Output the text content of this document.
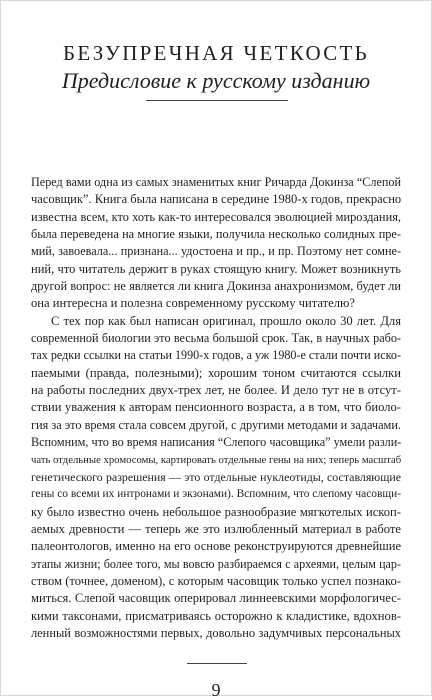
БЕЗУПРЕЧНАЯ ЧЕТКОСТЬ
Предисловие к русскому изданию
Перед вами одна из самых знаменитых книг Ричарда Докинза “Слепой
часовщик”. Книга была написана в середине 1980-х годов, прекрасно
известна всем, кто хоть как-то интересовался эволюцией мироздания,
была переведена на многие языки, получила несколько солидных пре-
мий, завоевала... признана... удостоена и пр., и пр. Поэтому нет сомне-
ний, что читатель держит в руках стоящую книгу. Может возникнуть
другой вопрос: не является ли книга Докинза анахронизмом, будет ли
она интересна и полезна современному русскому читателю?
С тех пор как был написан оригинал, прошло около 30 лет. Для
современной биологии это весьма большой срок. Так, в научных рабо-
тах редки ссылки на статьи 1990-х годов, а уж 1980-е стали почти иско-
паемыми (правда, полезными); хорошим тоном считаются ссылки
на работы последних двух-трех лет, не более. И дело тут не в отсут-
ствии уважения к авторам пенсионного возраста, а в том, что биоло-
гия за это время стала совсем другой, с другими методами и задачами.
Вспомним, что во время написания “Слепого часовщика” умели разли-
чать отдельные хромосомы, картировать отдельные гены на них; теперь масштаб
генетического разрешения — это отдельные нуклеотиды, составляющие
гены со всеми их интронами и экзонами). Вспомним, что слепому часовщи-
ку было известно очень небольшое разнообразие мягкотелых ископ-
аемых древности — теперь же это излюбленный материал в работе
палеонтологов, именно на его основе реконструируются древнейшие
этапы жизни; более того, мы вовсю разбираемся с археями, целым цар-
ством (точнее, доменом), с которым часовщик только успел познако-
миться. Слепой часовщик оперировал линнеевскими морфологичес-
кими таксонами, присматриваясь осторожно к кладистике, вдохнов-
ленный возможностями первых, довольно задумчивых персональных
9
